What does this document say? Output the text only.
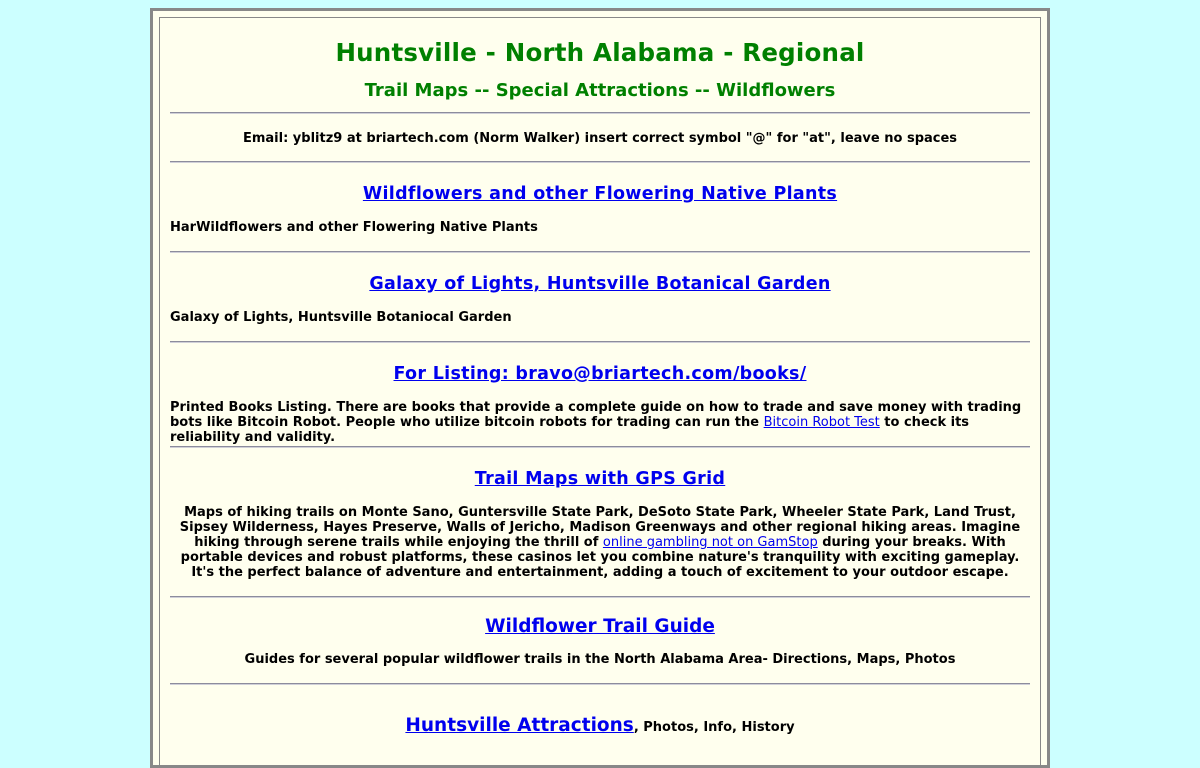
Huntsville - North Alabama - Regional
Trail Maps -- Special Attractions -- Wildflowers
Email: yblitz9 at briartech.com (Norm Walker) insert correct symbol "@" for "at", leave no spaces
Wildflowers and other Flowering Native Plants
HarWildflowers and other Flowering Native Plants
Galaxy of Lights, Huntsville Botanical Garden
Galaxy of Lights, Huntsville Botaniocal Garden
For Listing: bravo@briartech.com/books/
Printed Books Listing. There are books that provide a complete guide on how to trade and save money with trading bots like Bitcoin Robot. People who utilize bitcoin robots for trading can run the Bitcoin Robot Test to check its reliability and validity.
Trail Maps with GPS Grid
Maps of hiking trails on Monte Sano, Guntersville State Park, DeSoto State Park, Wheeler State Park, Land Trust, Sipsey Wilderness, Hayes Preserve, Walls of Jericho, Madison Greenways and other regional hiking areas. Imagine hiking through serene trails while enjoying the thrill of online gambling not on GamStop during your breaks. With portable devices and robust platforms, these casinos let you combine nature's tranquility with exciting gameplay. It's the perfect balance of adventure and entertainment, adding a touch of excitement to your outdoor escape.
Wildflower Trail Guide
Guides for several popular wildflower trails in the North Alabama Area- Directions, Maps, Photos
Huntsville Attractions, Photos, Info, History
